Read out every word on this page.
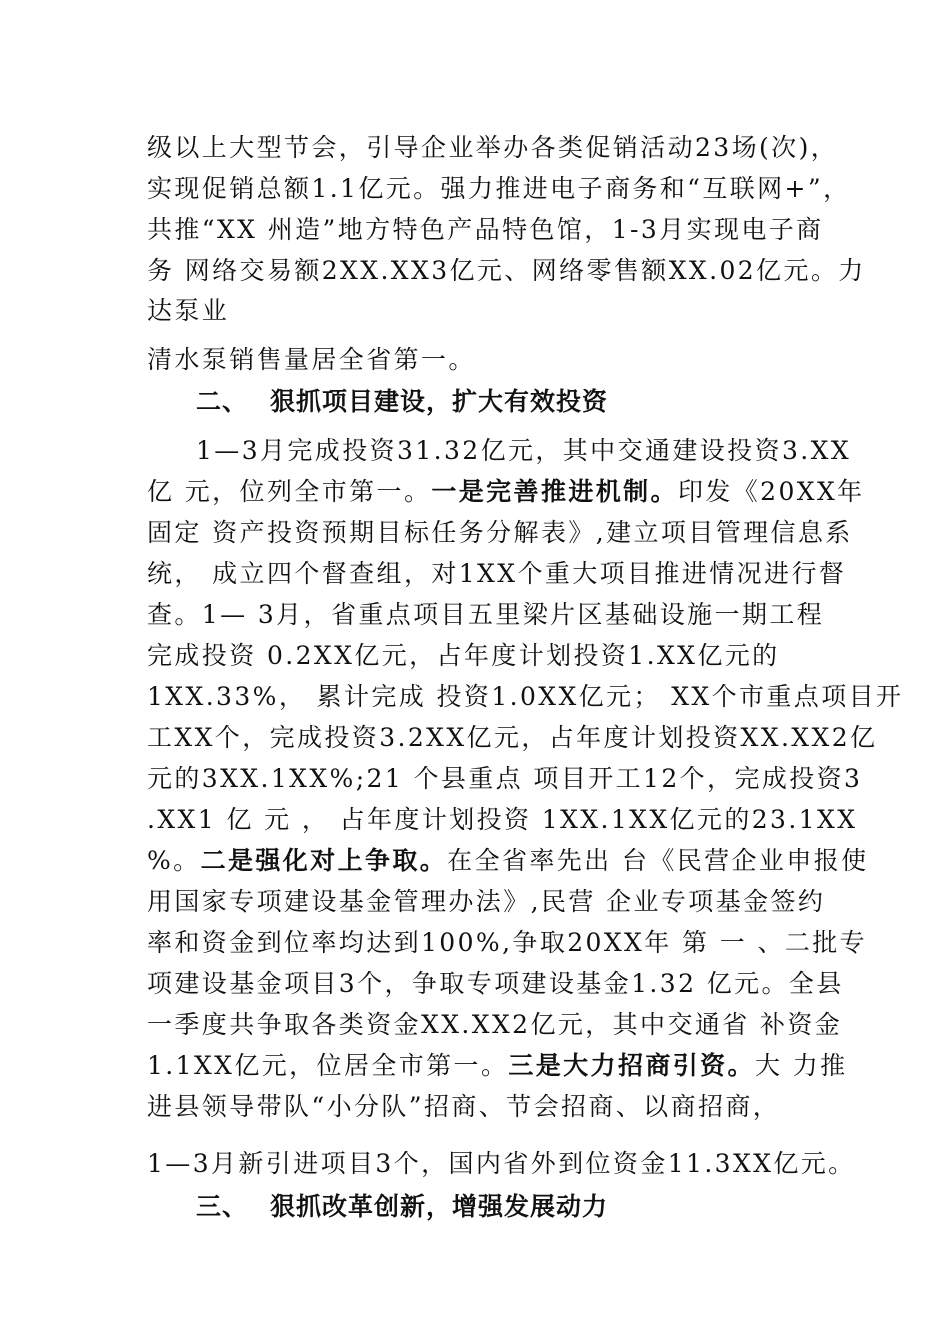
级以上大型节会，引导企业举办各类促销活动23场(次)，
实现促销总额1.1亿元。强力推进电子商务和“互联网+”，
共推“XX 州造”地方特色产品特色馆，1-3月实现电子商
务 网络交易额2XX.XX3亿元、网络零售额XX.02亿元。力
达泵业
清水泵销售量居全省第一。
二、 狠抓项目建设，扩大有效投资
1—3月完成投资31.32亿元，其中交通建设投资3.XX
亿 元，位列全市第一。一是完善推进机制。印发《20XX年
固定 资产投资预期目标任务分解表》,建立项目管理信息系
统， 成立四个督查组，对1XX个重大项目推进情况进行督
查。1— 3月，省重点项目五里梁片区基础设施一期工程
完成投资 0.2XX亿元，占年度计划投资1.XX亿元的
1XX.33%， 累计完成 投资1.0XX亿元； XX个市重点项目开
工XX个，完成投资3.2XX亿元，占年度计划投资XX.XX2亿
元的3XX.1XX%;21 个县重点 项目开工12个，完成投资3
.XX1 亿 元 ， 占年度计划投资 1XX.1XX亿元的23.1XX
%。二是强化对上争取。在全省率先出 台《民营企业申报使
用国家专项建设基金管理办法》,民营 企业专项基金签约
率和资金到位率均达到100%,争取20XX年 第 一 、二批专
项建设基金项目3个，争取专项建设基金1.32 亿元。全县
一季度共争取各类资金XX.XX2亿元，其中交通省 补资金
1.1XX亿元，位居全市第一。三是大力招商引资。大 力推
进县领导带队“小分队”招商、节会招商、以商招商，
1—3月新引进项目3个，国内省外到位资金11.3XX亿元。
三、 狠抓改革创新，增强发展动力
